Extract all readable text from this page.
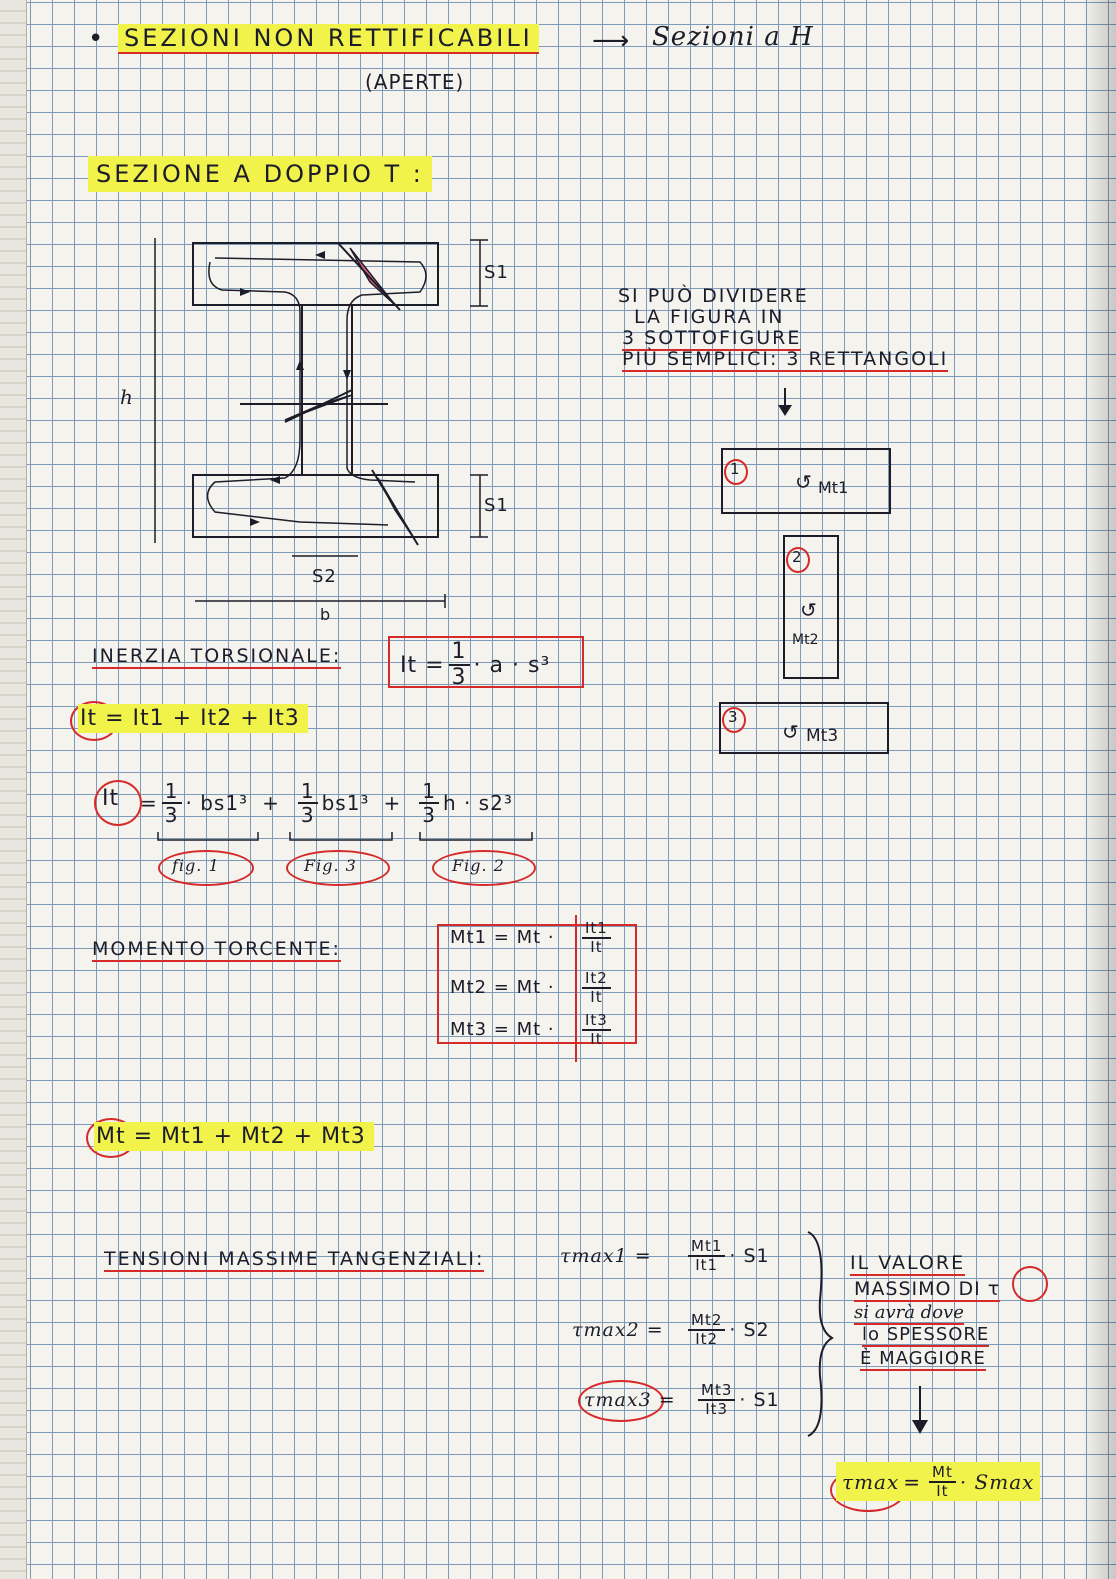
• SEZIONI NON RETTIFICABILI
(APERTE)
⟶ Sezioni a H
SEZIONE A DOPPIO T :
S1
S1
h
S2
b
SI PUÒ DIVIDERE
LA FIGURA IN
3 SOTTOFIGURE
PIÙ SEMPLICI: 3 RETTANGOLI
1
↺ Mt1
2
↺
Mt2
3
↺ Mt3
INERZIA TORSIONALE:	$It = \frac{1}{3} \cdot a \cdot s^3$
It = It1 + It2 + It3
$It = \frac{1}{3} \cdot bs1^3 + \frac{1}{3} bs1^3 + \frac{1}{3}$ h · s2³
fig. 1	Fig. 3	Fig. 2
MOMENTO TORCENTE:
Mt1 = Mt ·	$\frac{It1}{It}$
Mt2 = Mt ·	$\frac{It2}{It}$
Mt3 = Mt ·	$\frac{It3}{It}$
Mt = Mt1 + Mt2 + Mt3
TENSIONI MASSIME TANGENZIALI:	τmax1 =	$\frac{Mt1}{It1} \cdot S1$
τmax2 =	$\frac{Mt2}{It2} \cdot S2$
τmax3 =	$\frac{Mt3}{It3} \cdot S1$
IL VALORE
MASSIMO DI τ
si avrà dove
lo SPESSORE
È MAGGIORE
$\tau\max = \frac{Mt}{It} \cdot Smax$
